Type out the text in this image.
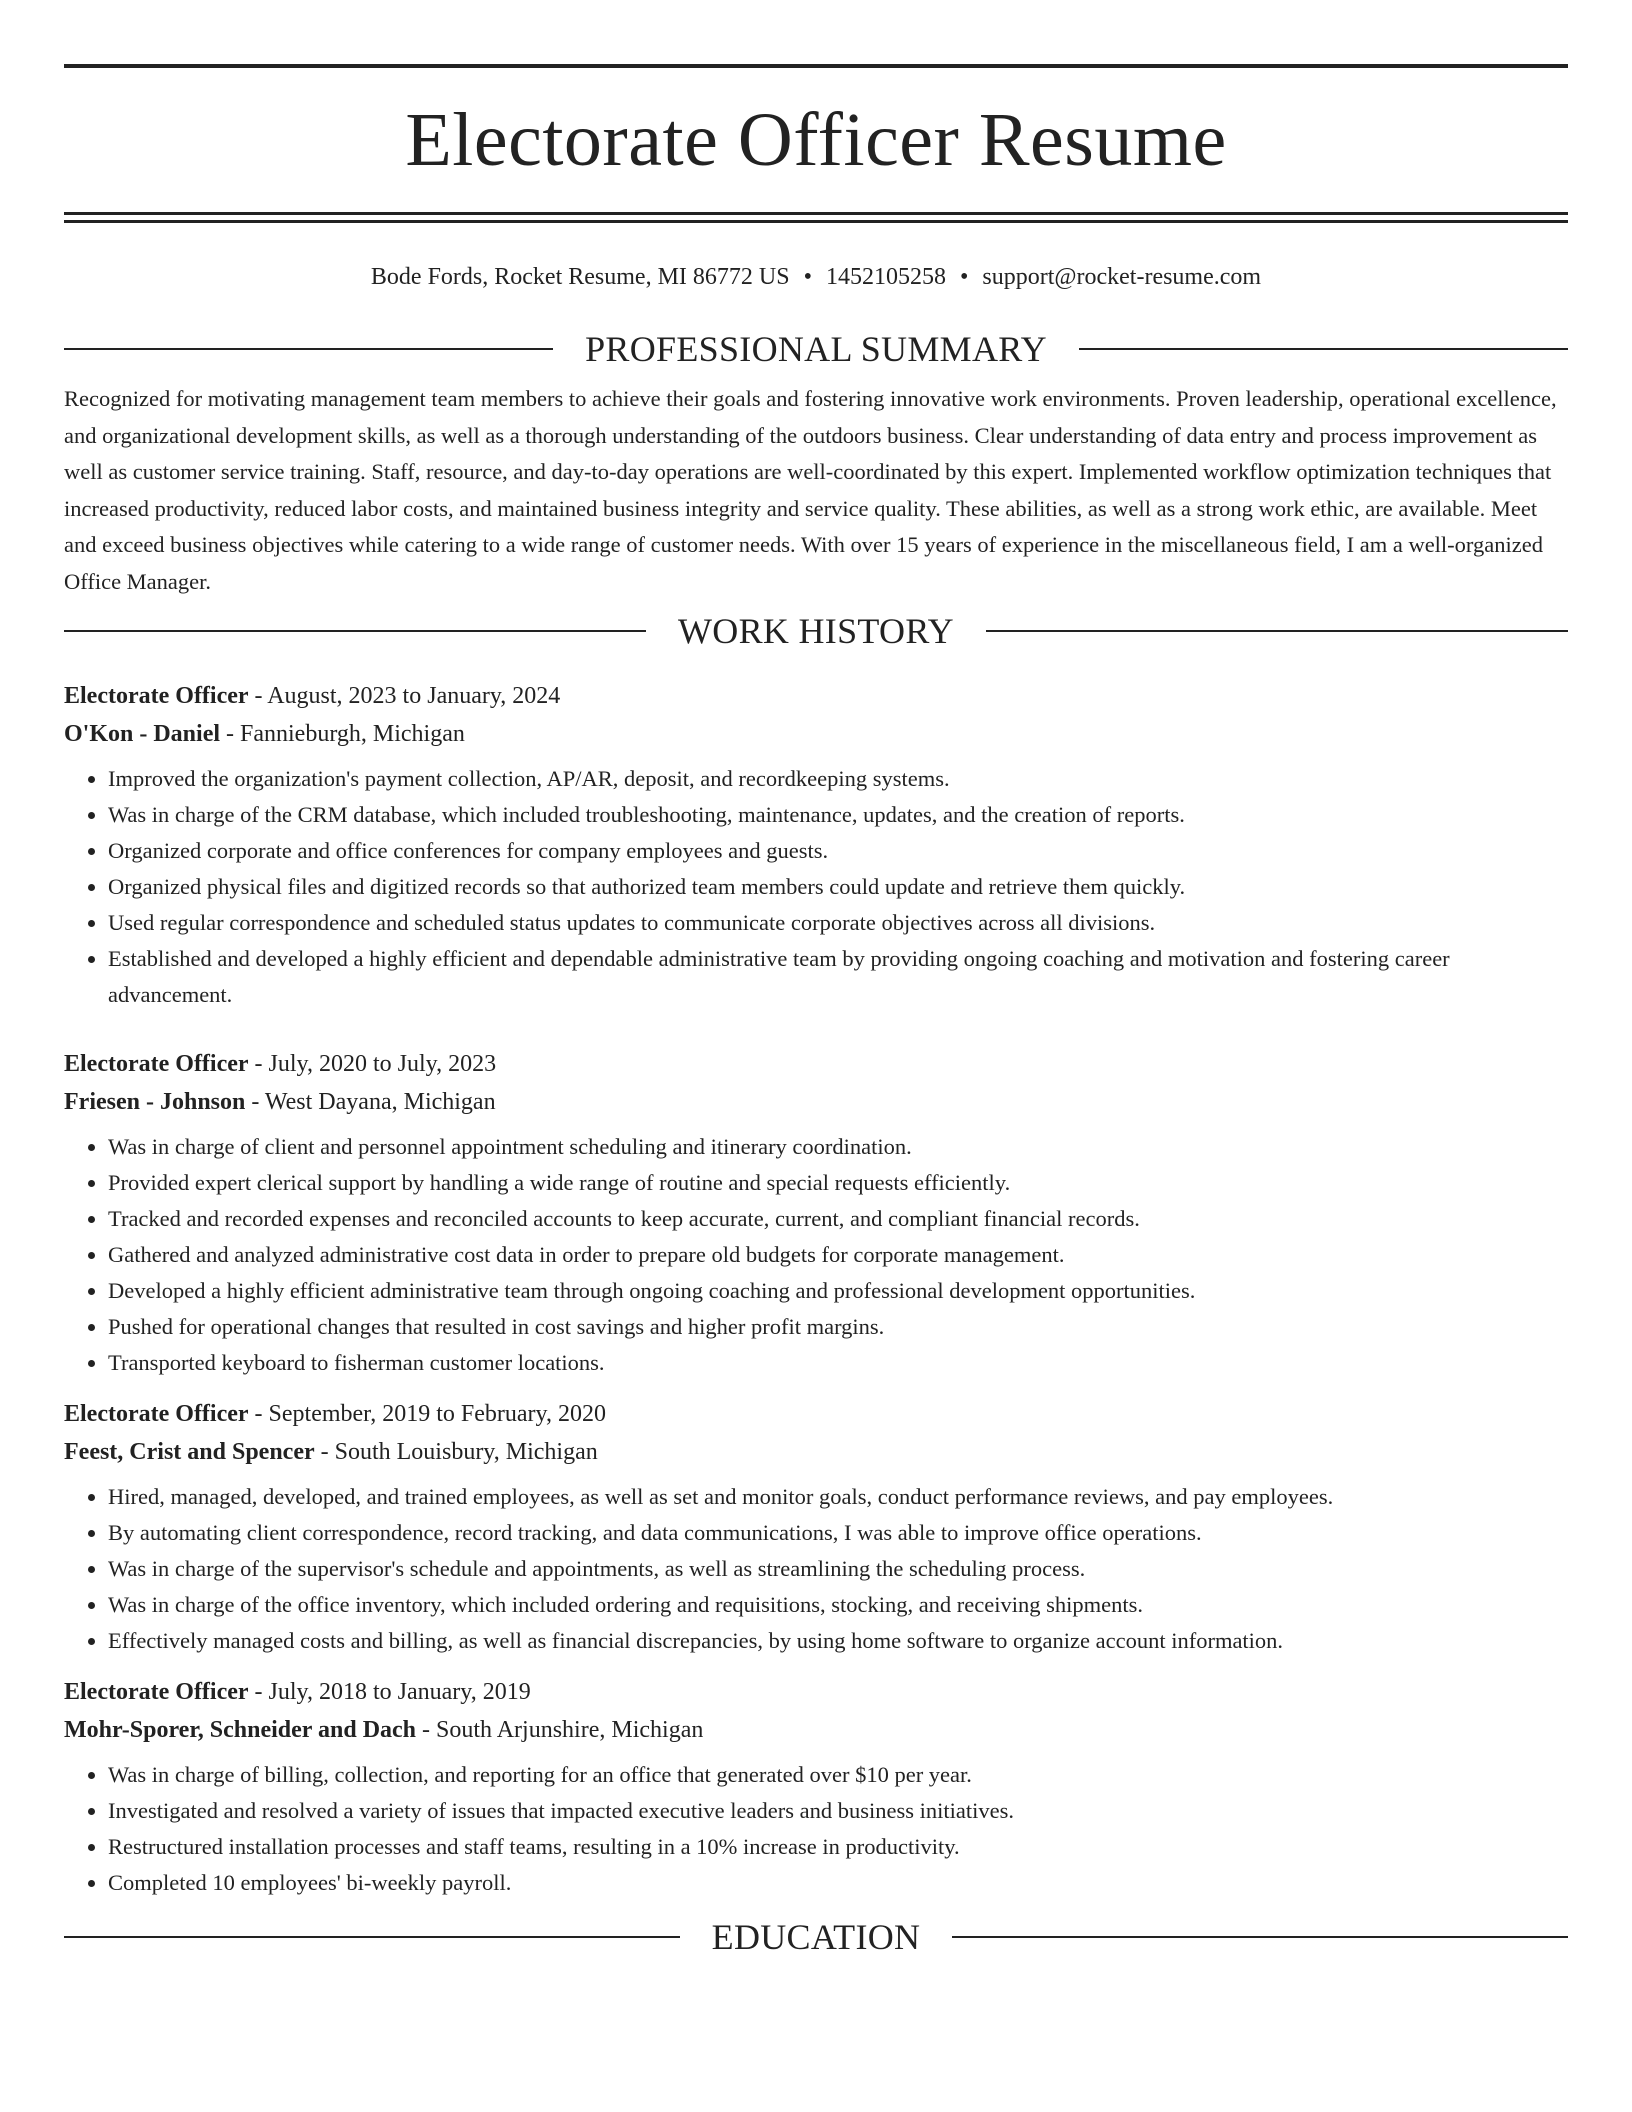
Electorate Officer Resume
Bode Fords, Rocket Resume, MI 86772 US • 1452105258 • support@rocket-resume.com
PROFESSIONAL SUMMARY

Recognized for motivating management team members to achieve their goals and fostering innovative work environments. Proven leadership, operational excellence, and organizational development skills, as well as a thorough understanding of the outdoors business. Clear understanding of data entry and process improvement as well as customer service training. Staff, resource, and day-to-day operations are well-coordinated by this expert. Implemented workflow optimization techniques that increased productivity, reduced labor costs, and maintained business integrity and service quality. These abilities, as well as a strong work ethic, are available. Meet and exceed business objectives while catering to a wide range of customer needs. With over 15 years of experience in the miscellaneous field, I am a well-organized Office Manager.

WORK HISTORY
Electorate Officer - August, 2023 to January, 2024
O'Kon - Daniel - Fannieburgh, Michigan
• Improved the organization's payment collection, AP/AR, deposit, and recordkeeping systems.
• Was in charge of the CRM database, which included troubleshooting, maintenance, updates, and the creation of reports.
• Organized corporate and office conferences for company employees and guests.
• Organized physical files and digitized records so that authorized team members could update and retrieve them quickly.
• Used regular correspondence and scheduled status updates to communicate corporate objectives across all divisions.
• Established and developed a highly efficient and dependable administrative team by providing ongoing coaching and motivation and fostering career advancement.
Electorate Officer - July, 2020 to July, 2023
Friesen - Johnson - West Dayana, Michigan
• Was in charge of client and personnel appointment scheduling and itinerary coordination.
• Provided expert clerical support by handling a wide range of routine and special requests efficiently.
• Tracked and recorded expenses and reconciled accounts to keep accurate, current, and compliant financial records.
• Gathered and analyzed administrative cost data in order to prepare old budgets for corporate management.
• Developed a highly efficient administrative team through ongoing coaching and professional development opportunities.
• Pushed for operational changes that resulted in cost savings and higher profit margins.
• Transported keyboard to fisherman customer locations.
Electorate Officer - September, 2019 to February, 2020
Feest, Crist and Spencer - South Louisbury, Michigan
• Hired, managed, developed, and trained employees, as well as set and monitor goals, conduct performance reviews, and pay employees.
• By automating client correspondence, record tracking, and data communications, I was able to improve office operations.
• Was in charge of the supervisor's schedule and appointments, as well as streamlining the scheduling process.
• Was in charge of the office inventory, which included ordering and requisitions, stocking, and receiving shipments.
• Effectively managed costs and billing, as well as financial discrepancies, by using home software to organize account information.
Electorate Officer - July, 2018 to January, 2019
Mohr-Sporer, Schneider and Dach - South Arjunshire, Michigan
• Was in charge of billing, collection, and reporting for an office that generated over $10 per year.
• Investigated and resolved a variety of issues that impacted executive leaders and business initiatives.
• Restructured installation processes and staff teams, resulting in a 10% increase in productivity.
• Completed 10 employees' bi-weekly payroll.
EDUCATION
